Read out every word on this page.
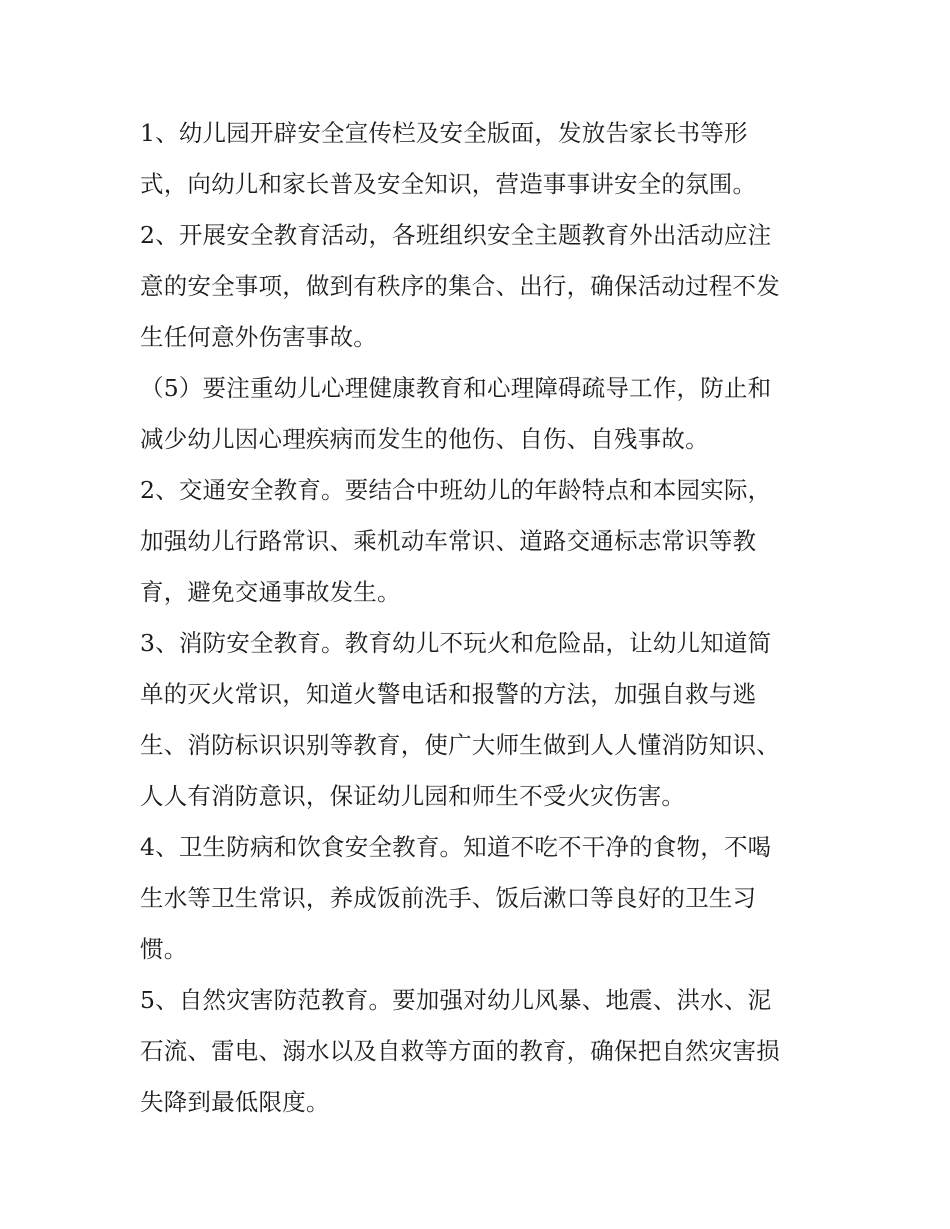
1、幼儿园开辟安全宣传栏及安全版面，发放告家长书等形
式，向幼儿和家长普及安全知识，营造事事讲安全的氛围。
2、开展安全教育活动，各班组织安全主题教育外出活动应注
意的安全事项，做到有秩序的集合、出行，确保活动过程不发
生任何意外伤害事故。
（5）要注重幼儿心理健康教育和心理障碍疏导工作，防止和
减少幼儿因心理疾病而发生的他伤、自伤、自残事故。
2、交通安全教育。要结合中班幼儿的年龄特点和本园实际，
加强幼儿行路常识、乘机动车常识、道路交通标志常识等教
育，避免交通事故发生。
3、消防安全教育。教育幼儿不玩火和危险品，让幼儿知道简
单的灭火常识，知道火警电话和报警的方法，加强自救与逃
生、消防标识识别等教育，使广大师生做到人人懂消防知识、
人人有消防意识，保证幼儿园和师生不受火灾伤害。
4、卫生防病和饮食安全教育。知道不吃不干净的食物，不喝
生水等卫生常识，养成饭前洗手、饭后漱口等良好的卫生习
惯。
5、自然灾害防范教育。要加强对幼儿风暴、地震、洪水、泥
石流、雷电、溺水以及自救等方面的教育，确保把自然灾害损
失降到最低限度。
